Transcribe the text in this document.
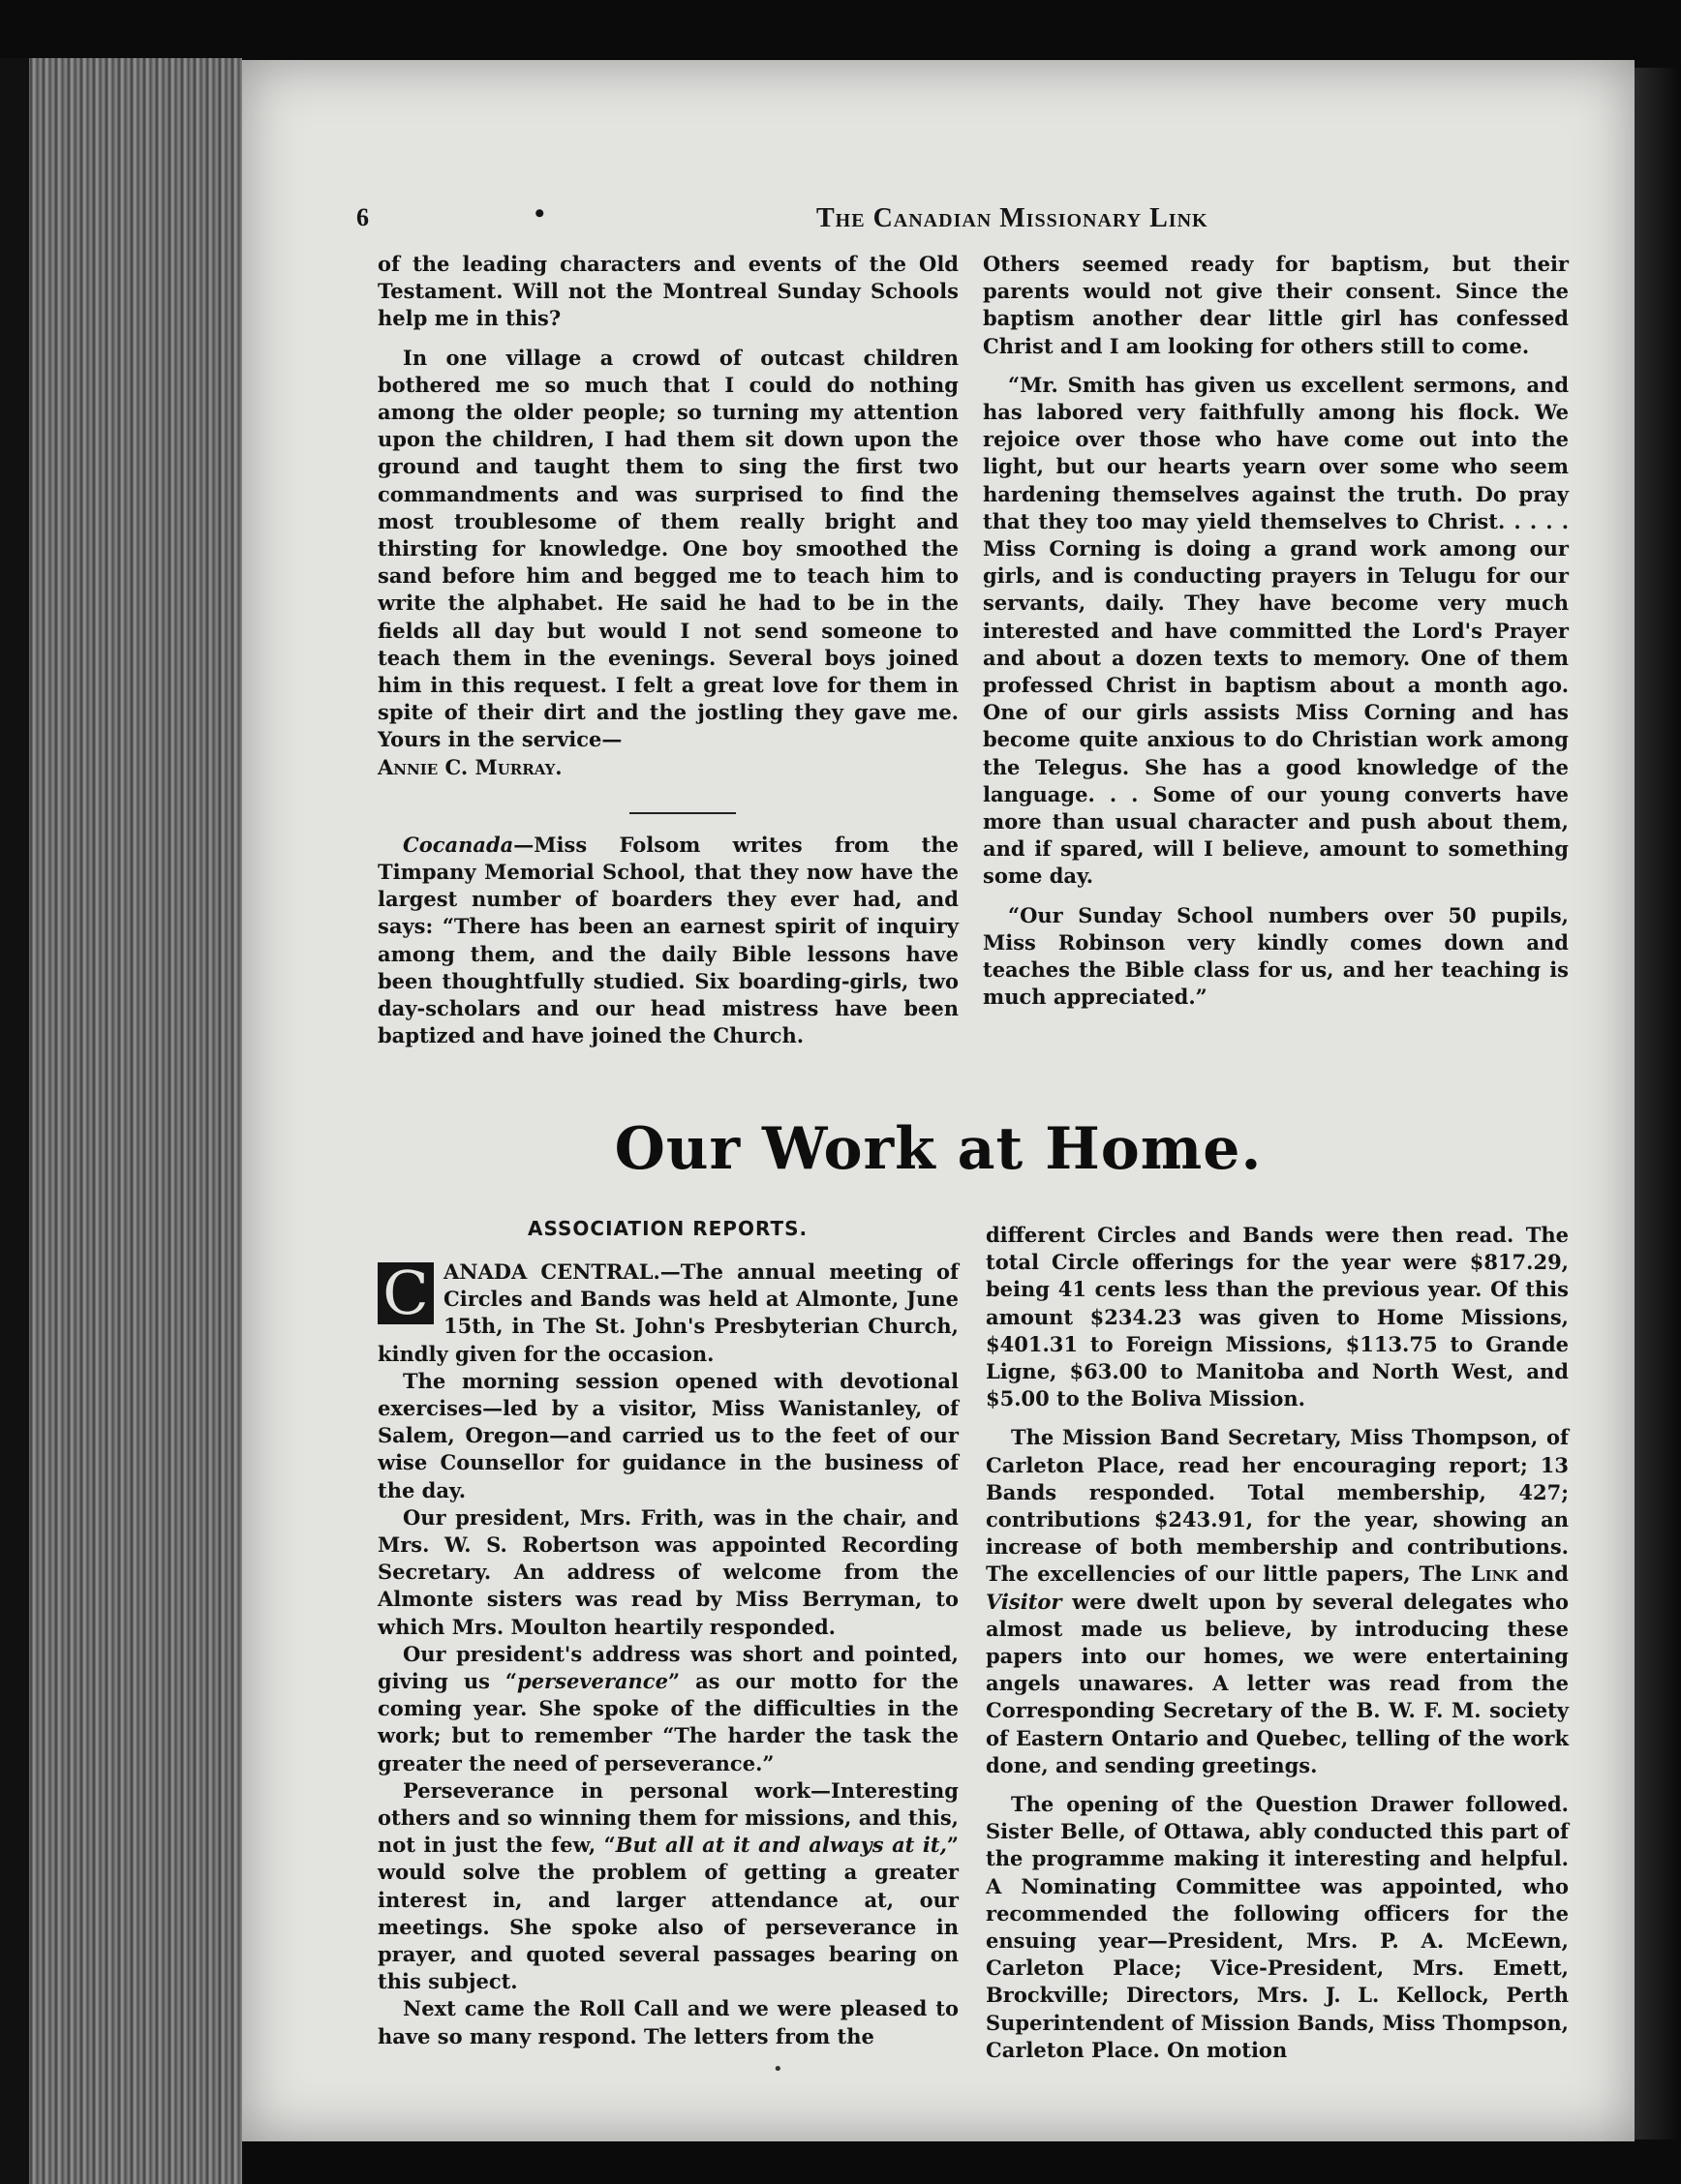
6	•	The Canadian Missionary Link

of the leading characters and events of the Old Testament. Will not the Montreal Sunday Schools help me in this?

In one village a crowd of outcast children bothered me so much that I could do nothing among the older people; so turning my attention upon the children, I had them sit down upon the ground and taught them to sing the first two commandments and was surprised to find the most troublesome of them really bright and thirsting for knowledge. One boy smoothed the sand before him and begged me to teach him to write the alphabet. He said he had to be in the fields all day but would I not send someone to teach them in the evenings. Several boys joined him in this request. I felt a great love for them in spite of their dirt and the jostling they gave me. Yours in the service—

Annie C. Murray.

Cocanada—Miss Folsom writes from the Timpany Memorial School, that they now have the largest number of boarders they ever had, and says: “There has been an earnest spirit of inquiry among them, and the daily Bible lessons have been thoughtfully studied. Six boarding-girls, two day-scholars and our head mistress have been baptized and have joined the Church.

Others seemed ready for baptism, but their parents would not give their consent. Since the baptism another dear little girl has confessed Christ and I am looking for others still to come.

“Mr. Smith has given us excellent sermons, and has labored very faithfully among his flock. We rejoice over those who have come out into the light, but our hearts yearn over some who seem hardening themselves against the truth. Do pray that they too may yield themselves to Christ. . . . . Miss Corning is doing a grand work among our girls, and is conducting prayers in Telugu for our servants, daily. They have become very much interested and have committed the Lord's Prayer and about a dozen texts to memory. One of them professed Christ in baptism about a month ago. One of our girls assists Miss Corning and has become quite anxious to do Christian work among the Telegus. She has a good knowledge of the language. . . Some of our young converts have more than usual character and push about them, and if spared, will I believe, amount to something some day.

“Our Sunday School numbers over 50 pupils, Miss Robinson very kindly comes down and teaches the Bible class for us, and her teaching is much appreciated.”

Our Work at Home.
ASSOCIATION REPORTS.

C ANADA CENTRAL.—The annual meeting of Circles and Bands was held at Almonte, June 15th, in The St. John's Presbyterian Church, kindly given for the occasion.

The morning session opened with devotional exercises—led by a visitor, Miss Wanistanley, of Salem, Oregon—and carried us to the feet of our wise Counsellor for guidance in the business of the day.

Our president, Mrs. Frith, was in the chair, and Mrs. W. S. Robertson was appointed Recording Secretary. An address of welcome from the Almonte sisters was read by Miss Berryman, to which Mrs. Moulton heartily responded.

Our president's address was short and pointed, giving us “perseverance” as our motto for the coming year. She spoke of the difficulties in the work; but to remember “The harder the task the greater the need of perseverance.”

Perseverance in personal work—Interesting others and so winning them for missions, and this, not in just the few, “But all at it and always at it,” would solve the problem of getting a greater interest in, and larger attendance at, our meetings. She spoke also of perseverance in prayer, and quoted several passages bearing on this subject.

Next came the Roll Call and we were pleased to have so many respond. The letters from the

different Circles and Bands were then read. The total Circle offerings for the year were $817.29, being 41 cents less than the previous year. Of this amount $234.23 was given to Home Missions, $401.31 to Foreign Missions, $113.75 to Grande Ligne, $63.00 to Manitoba and North West, and $5.00 to the Boliva Mission.

The Mission Band Secretary, Miss Thompson, of Carleton Place, read her encouraging report; 13 Bands responded. Total membership, 427; contributions $243.91, for the year, showing an increase of both membership and contributions. The excellencies of our little papers, The Link and Visitor were dwelt upon by several delegates who almost made us believe, by introducing these papers into our homes, we were entertaining angels unawares. A letter was read from the Corresponding Secretary of the B. W. F. M. society of Eastern Ontario and Quebec, telling of the work done, and sending greetings.

The opening of the Question Drawer followed. Sister Belle, of Ottawa, ably conducted this part of the programme making it interesting and helpful. A Nominating Committee was appointed, who recommended the following officers for the ensuing year—President, Mrs. P. A. McEewn, Carleton Place; Vice-President, Mrs. Emett, Brockville; Directors, Mrs. J. L. Kellock, Perth Superintendent of Mission Bands, Miss Thompson, Carleton Place. On motion

•
